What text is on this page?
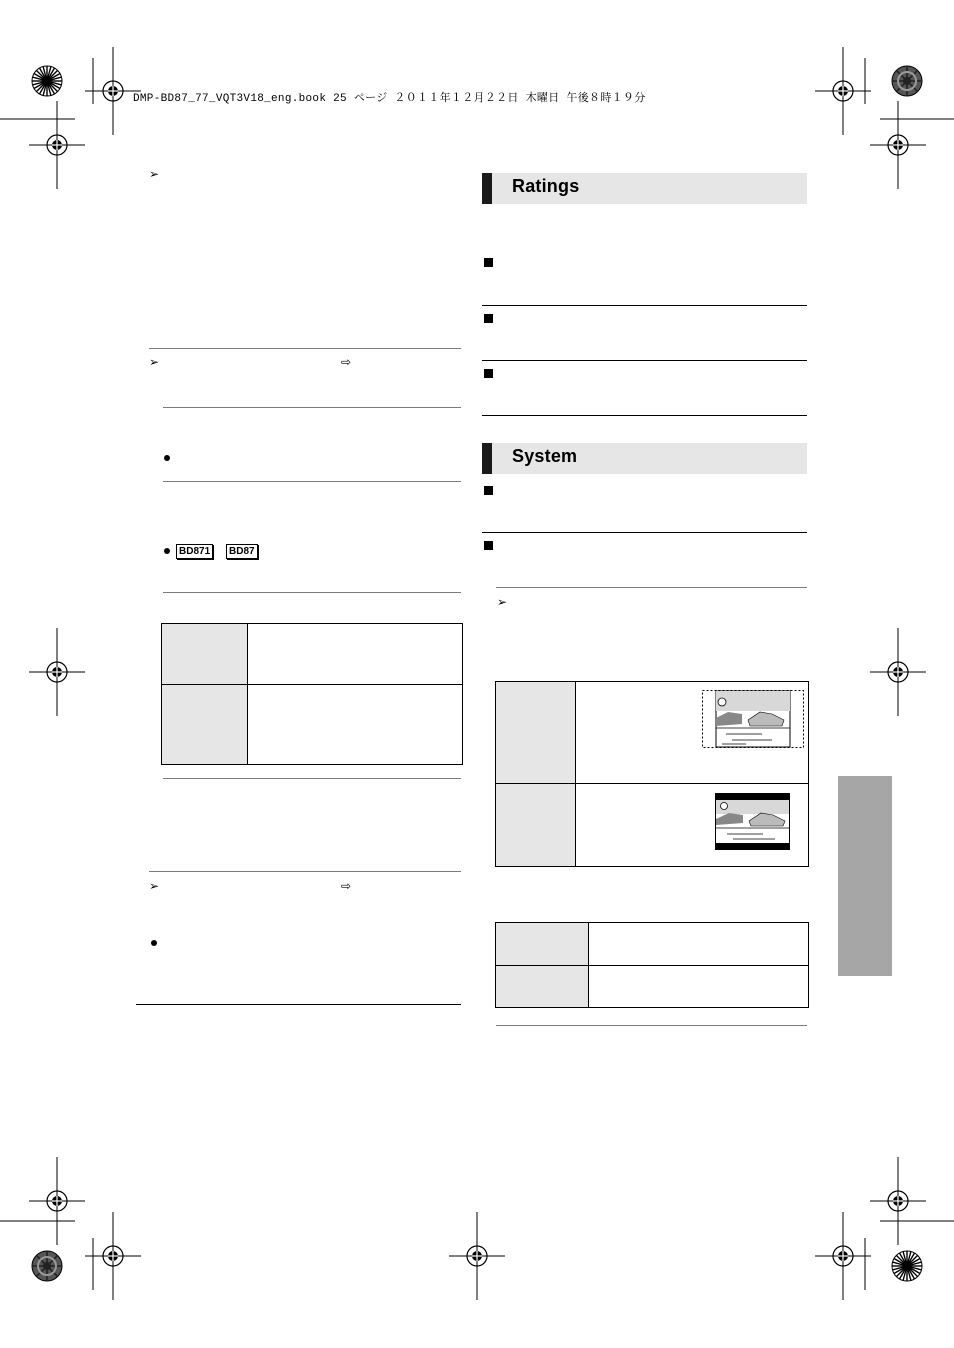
DMP-BD87_77_VQT3V18_eng.book 25 ページ ２０１１年１２月２２日 木曜日 午後８時１９分
➢
➢	⇨
BD871	BD87
➢	⇨
Ratings
System
➢
